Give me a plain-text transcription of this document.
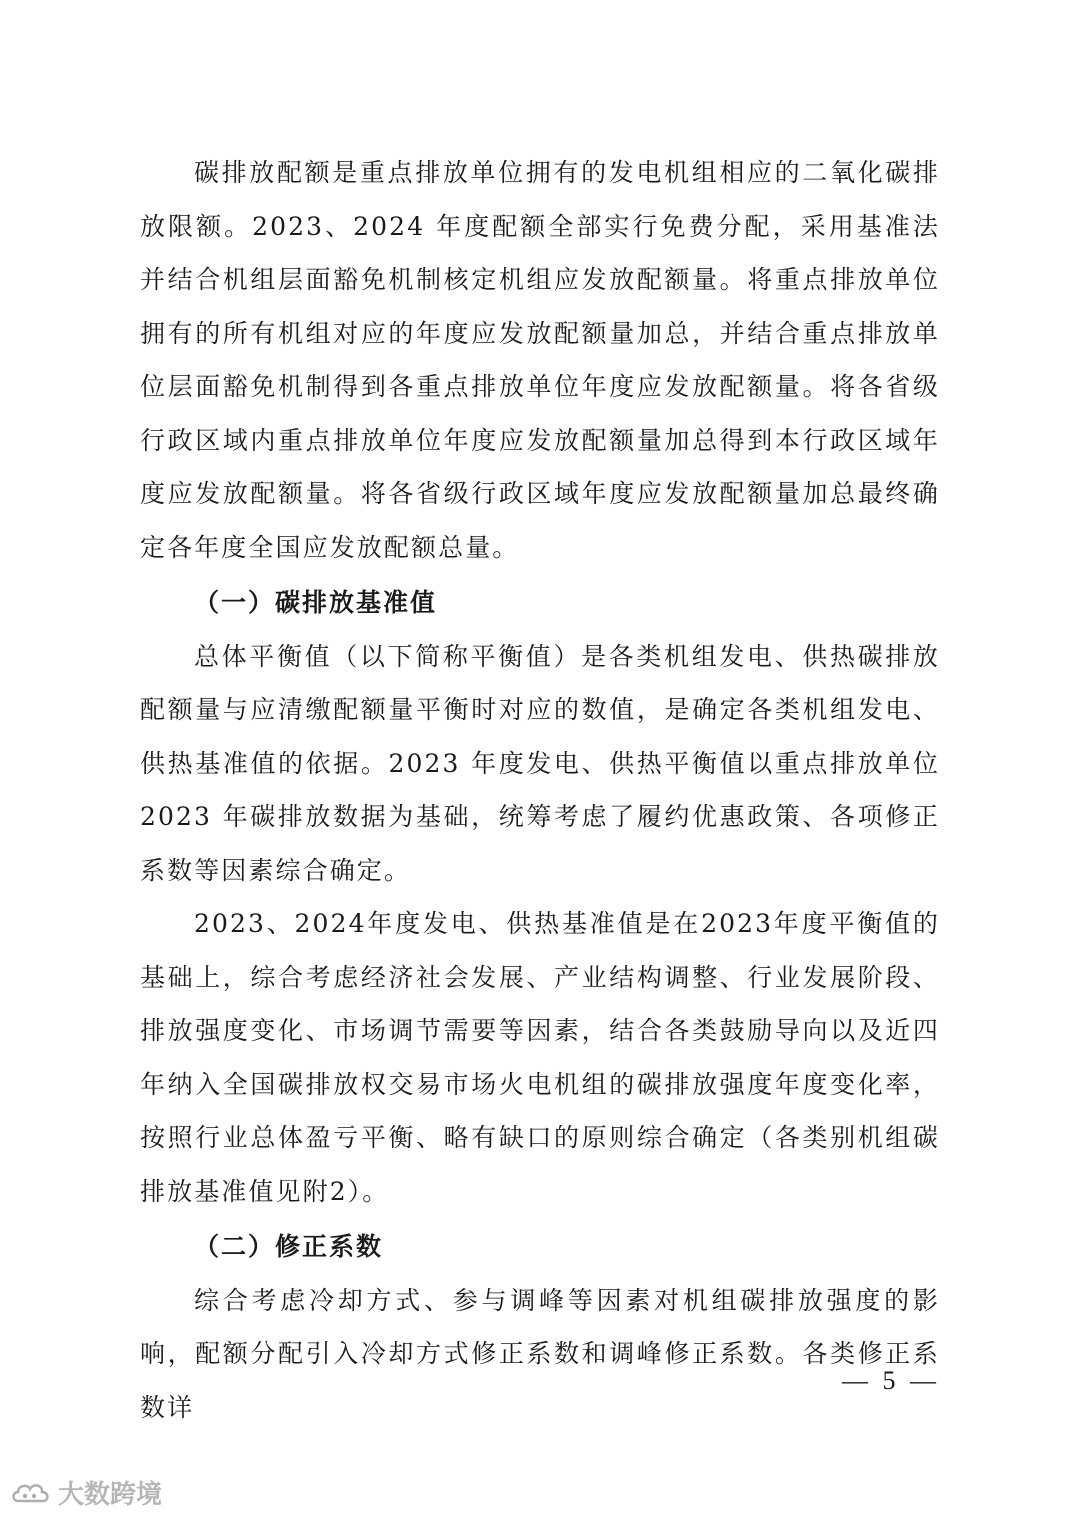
碳排放配额是重点排放单位拥有的发电机组相应的二氧化碳排放限额。2023、2024 年度配额全部实行免费分配，采用基准法并结合机组层面豁免机制核定机组应发放配额量。将重点排放单位拥有的所有机组对应的年度应发放配额量加总，并结合重点排放单位层面豁免机制得到各重点排放单位年度应发放配额量。将各省级行政区域内重点排放单位年度应发放配额量加总得到本行政区域年度应发放配额量。将各省级行政区域年度应发放配额量加总最终确定各年度全国应发放配额总量。

（一）碳排放基准值

总体平衡值（以下简称平衡值）是各类机组发电、供热碳排放配额量与应清缴配额量平衡时对应的数值，是确定各类机组发电、供热基准值的依据。2023 年度发电、供热平衡值以重点排放单位 2023 年碳排放数据为基础，统筹考虑了履约优惠政策、各项修正系数等因素综合确定。

2023、2024年度发电、供热基准值是在2023年度平衡值的基础上，综合考虑经济社会发展、产业结构调整、行业发展阶段、排放强度变化、市场调节需要等因素，结合各类鼓励导向以及近四年纳入全国碳排放权交易市场火电机组的碳排放强度年度变化率，按照行业总体盈亏平衡、略有缺口的原则综合确定（各类别机组碳排放基准值见附2）。

（二）修正系数

综合考虑冷却方式、参与调峰等因素对机组碳排放强度的影响，配额分配引入冷却方式修正系数和调峰修正系数。各类修正系数详

— 5 —
大数跨境
